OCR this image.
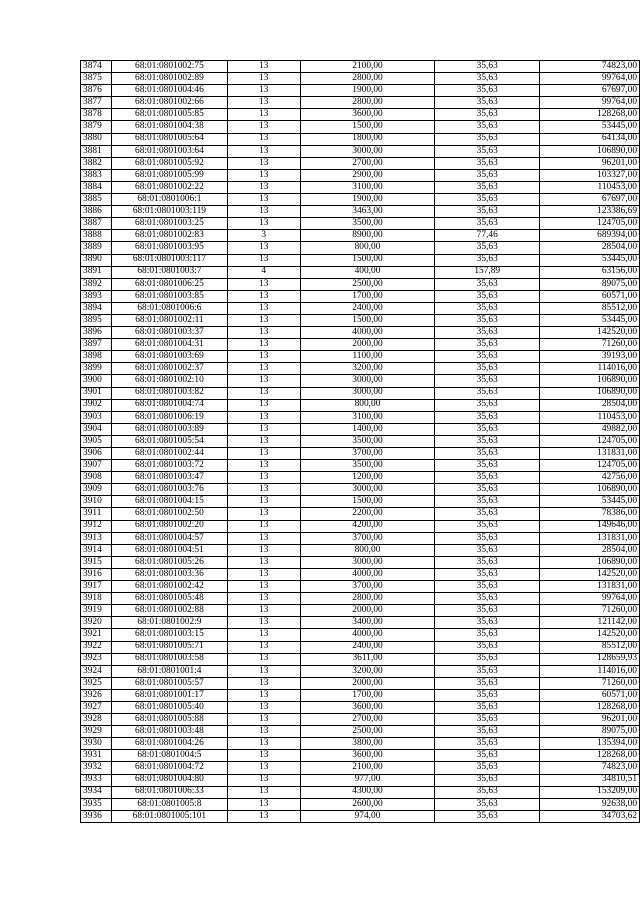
3874	68:01:0801002:75	13	2100,00	35,63	74823,00
3875	68:01:0801002:89	13	2800,00	35,63	99764,00
3876	68:01:0801004:46	13	1900,00	35,63	67697,00
3877	68:01:0801002:66	13	2800,00	35,63	99764,00
3878	68:01:0801005:85	13	3600,00	35,63	128268,00
3879	68:01:0801004:38	13	1500,00	35,63	53445,00
3880	68:01:0801005:64	13	1800,00	35,63	64134,00
3881	68:01:0801003:64	13	3000,00	35,63	106890,00
3882	68:01:0801005:92	13	2700,00	35,63	96201,00
3883	68:01:0801005:99	13	2900,00	35,63	103327,00
3884	68:01:0801002:22	13	3100,00	35,63	110453,00
3885	68:01:0801006:1	13	1900,00	35,63	67697,00
3886	68:01:0801003:119	13	3463,00	35,63	123386,69
3887	68:01:0801003:25	13	3500,00	35,63	124705,00
3888	68:01:0801002:83	3	8900,00	77,46	689394,00
3889	68:01:0801003:95	13	800,00	35,63	28504,00
3890	68:01:0801003:117	13	1500,00	35,63	53445,00
3891	68:01:0801003:7	4	400,00	157,89	63156,00
3892	68:01:0801006:25	13	2500,00	35,63	89075,00
3893	68:01:0801003:85	13	1700,00	35,63	60571,00
3894	68:01:0801006:6	13	2400,00	35,63	85512,00
3895	68:01:0801002:11	13	1500,00	35,63	53445,00
3896	68:01:0801003:37	13	4000,00	35,63	142520,00
3897	68:01:0801004:31	13	2000,00	35,63	71260,00
3898	68:01:0801003:69	13	1100,00	35,63	39193,00
3899	68:01:0801002:37	13	3200,00	35,63	114016,00
3900	68:01:0801002:10	13	3000,00	35,63	106890,00
3901	68:01:0801003:82	13	3000,00	35,63	106890,00
3902	68:01:0801004:74	13	800,00	35,63	28504,00
3903	68:01:0801006:19	13	3100,00	35,63	110453,00
3904	68:01:0801003:89	13	1400,00	35,63	49882,00
3905	68:01:0801005:54	13	3500,00	35,63	124705,00
3906	68:01:0801002:44	13	3700,00	35,63	131831,00
3907	68:01:0801003:72	13	3500,00	35,63	124705,00
3908	68:01:0801003:47	13	1200,00	35,63	42756,00
3909	68:01:0801003:76	13	3000,00	35,63	106890,00
3910	68:01:0801004:15	13	1500,00	35,63	53445,00
3911	68:01:0801002:50	13	2200,00	35,63	78386,00
3912	68:01:0801002:20	13	4200,00	35,63	149646,00
3913	68:01:0801004:57	13	3700,00	35,63	131831,00
3914	68:01:0801004:51	13	800,00	35,63	28504,00
3915	68:01:0801005:26	13	3000,00	35,63	106890,00
3916	68:01:0801003:36	13	4000,00	35,63	142520,00
3917	68:01:0801002:42	13	3700,00	35,63	131831,00
3918	68:01:0801005:48	13	2800,00	35,63	99764,00
3919	68:01:0801002:88	13	2000,00	35,63	71260,00
3920	68:01:0801002:9	13	3400,00	35,63	121142,00
3921	68:01:0801003:15	13	4000,00	35,63	142520,00
3922	68:01:0801005:71	13	2400,00	35,63	85512,00
3923	68:01:0801003:58	13	3611,00	35,63	128659,93
3924	68:01:0801001:4	13	3200,00	35,63	114016,00
3925	68:01:0801005:57	13	2000,00	35,63	71260,00
3926	68:01:0801001:17	13	1700,00	35,63	60571,00
3927	68:01:0801005:40	13	3600,00	35,63	128268,00
3928	68:01:0801005:88	13	2700,00	35,63	96201,00
3929	68:01:0801003:48	13	2500,00	35,63	89075,00
3930	68:01:0801004:26	13	3800,00	35,63	135394,00
3931	68:01:0801004:5	13	3600,00	35,63	128268,00
3932	68:01:0801004:72	13	2100,00	35,63	74823,00
3933	68:01:0801004:80	13	977,00	35,63	34810,51
3934	68:01:0801006:33	13	4300,00	35,63	153209,00
3935	68:01:0801005:8	13	2600,00	35,63	92638,00
3936	68:01:0801005:101	13	974,00	35,63	34703,62
